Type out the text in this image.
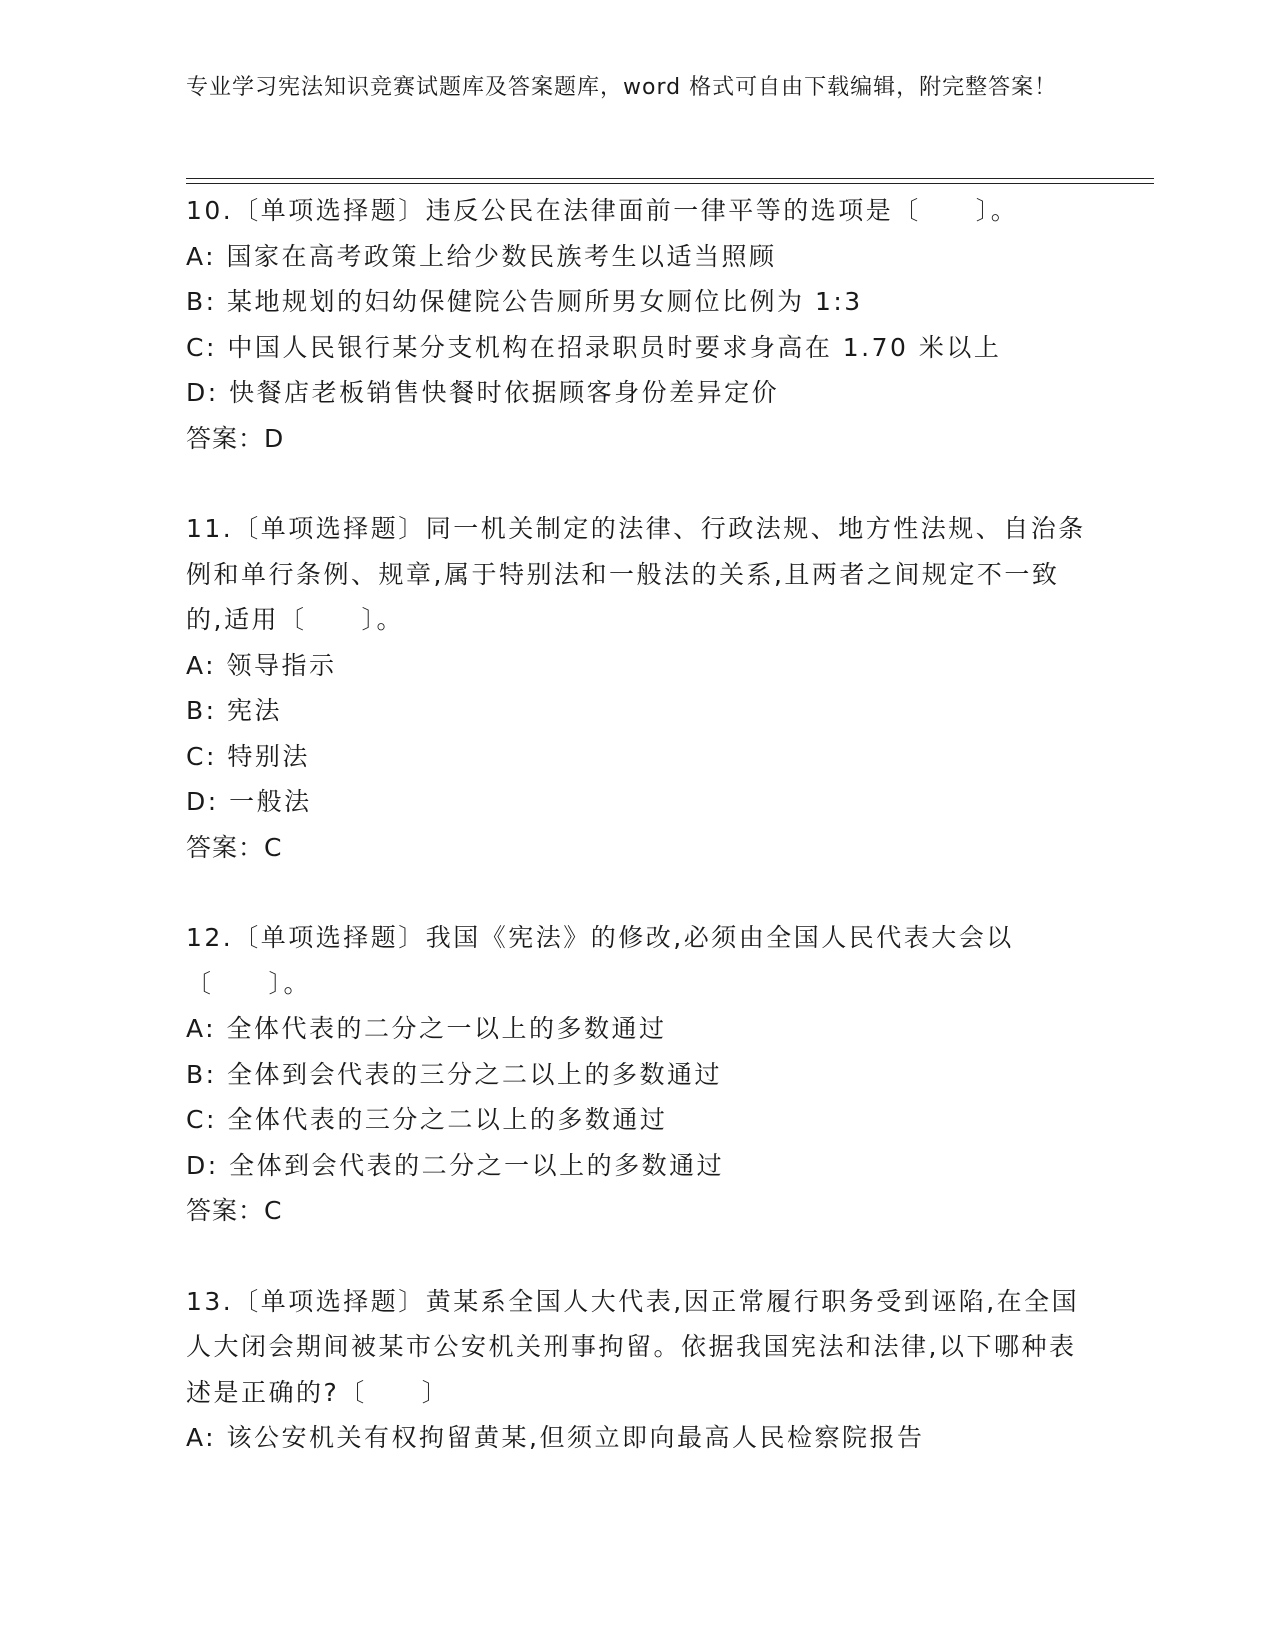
专业学习宪法知识竞赛试题库及答案题库，word 格式可自由下载编辑，附完整答案！

10.〔单项选择题〕违反公民在法律面前一律平等的选项是〔　　〕。

A: 国家在高考政策上给少数民族考生以适当照顾

B: 某地规划的妇幼保健院公告厕所男女厕位比例为 1:3

C: 中国人民银行某分支机构在招录职员时要求身高在 1.70 米以上

D: 快餐店老板销售快餐时依据顾客身份差异定价

答案：D

11.〔单项选择题〕同一机关制定的法律、行政法规、地方性法规、自治条例和单行条例、规章,属于特别法和一般法的关系,且两者之间规定不一致的,适用〔　　〕。

A: 领导指示

B: 宪法

C: 特别法

D: 一般法

答案：C

12.〔单项选择题〕我国《宪法》的修改,必须由全国人民代表大会以〔　　〕。

A: 全体代表的二分之一以上的多数通过

B: 全体到会代表的三分之二以上的多数通过

C: 全体代表的三分之二以上的多数通过

D: 全体到会代表的二分之一以上的多数通过

答案：C

13.〔单项选择题〕黄某系全国人大代表,因正常履行职务受到诬陷,在全国人大闭会期间被某市公安机关刑事拘留。依据我国宪法和法律,以下哪种表述是正确的?〔　　〕

A: 该公安机关有权拘留黄某,但须立即向最高人民检察院报告
